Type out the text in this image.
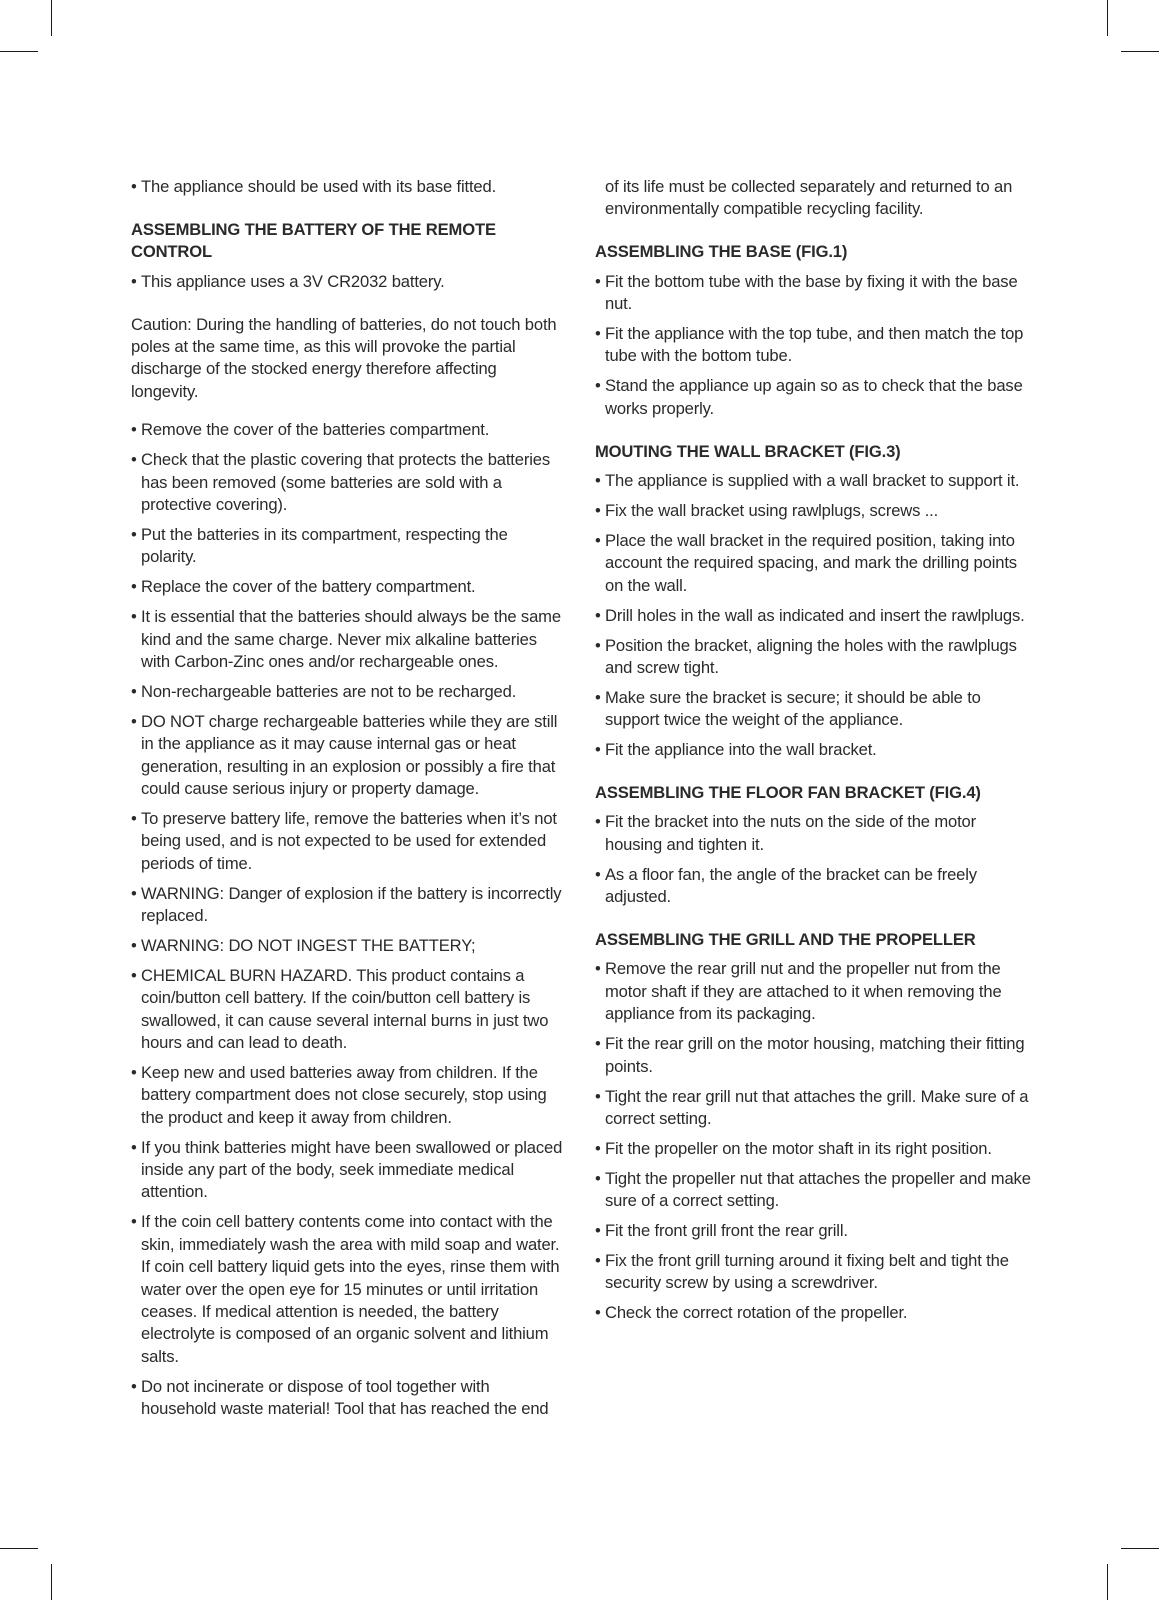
• The appliance should be used with its base fitted.
ASSEMBLING THE BATTERY OF THE REMOTE CONTROL
• This appliance uses a 3V CR2032 battery.
Caution: During the handling of batteries, do not touch both poles at the same time, as this will provoke the partial discharge of the stocked energy therefore affecting longevity.
• Remove the cover of the batteries compartment.
• Check that the plastic covering that protects the batteries has been removed (some batteries are sold with a protective covering).
• Put the batteries in its compartment, respecting the polarity.
• Replace the cover of the battery compartment.
• It is essential that the batteries should always be the same kind and the same charge. Never mix alkaline batteries with Carbon-Zinc ones and/or rechargeable ones.
• Non-rechargeable batteries are not to be recharged.
• DO NOT charge rechargeable batteries while they are still in the appliance as it may cause internal gas or heat generation, resulting in an explosion or possibly a fire that could cause serious injury or property damage.
• To preserve battery life, remove the batteries when it’s not being used, and is not expected to be used for extended periods of time.
• WARNING: Danger of explosion if the battery is incorrectly replaced.
• WARNING: DO NOT INGEST THE BATTERY;
• CHEMICAL BURN HAZARD. This product contains a coin/button cell battery. If the coin/button cell battery is swallowed, it can cause several internal burns in just two hours and can lead to death.
• Keep new and used batteries away from children. If the battery compartment does not close securely, stop using the product and keep it away from children.
• If you think batteries might have been swallowed or placed inside any part of the body, seek immediate medical attention.
• If the coin cell battery contents come into contact with the skin, immediately wash the area with mild soap and water. If coin cell battery liquid gets into the eyes, rinse them with water over the open eye for 15 minutes or until irritation ceases. If medical attention is needed, the battery electrolyte is composed of an organic solvent and lithium salts.
• Do not incinerate or dispose of tool together with household waste material! Tool that has reached the end
of its life must be collected separately and returned to an environmentally compatible recycling facility.
ASSEMBLING THE BASE (FIG.1)
• Fit the bottom tube with the base by fixing it with the base nut.
• Fit the appliance with the top tube, and then match the top tube with the bottom tube.
• Stand the appliance up again so as to check that the base works properly.
MOUTING THE WALL BRACKET (FIG.3)
• The appliance is supplied with a wall bracket to support it.
• Fix the wall bracket using rawlplugs, screws ...
• Place the wall bracket in the required position, taking into account the required spacing, and mark the drilling points on the wall.
• Drill holes in the wall as indicated and insert the rawlplugs.
• Position the bracket, aligning the holes with the rawlplugs and screw tight.
• Make sure the bracket is secure; it should be able to support twice the weight of the appliance.
• Fit the appliance into the wall bracket.
ASSEMBLING THE FLOOR FAN BRACKET (FIG.4)
• Fit the bracket into the nuts on the side of the motor housing and tighten it.
• As a floor fan, the angle of the bracket can be freely adjusted.
ASSEMBLING THE GRILL AND THE PROPELLER
• Remove the rear grill nut and the propeller nut from the motor shaft if they are attached to it when removing the appliance from its packaging.
• Fit the rear grill on the motor housing, matching their fitting points.
• Tight the rear grill nut that attaches the grill. Make sure of a correct setting.
• Fit the propeller on the motor shaft in its right position.
• Tight the propeller nut that attaches the propeller and make sure of a correct setting.
• Fit the front grill front the rear grill.
• Fix the front grill turning around it fixing belt and tight the security screw by using a screwdriver.
• Check the correct rotation of the propeller.
